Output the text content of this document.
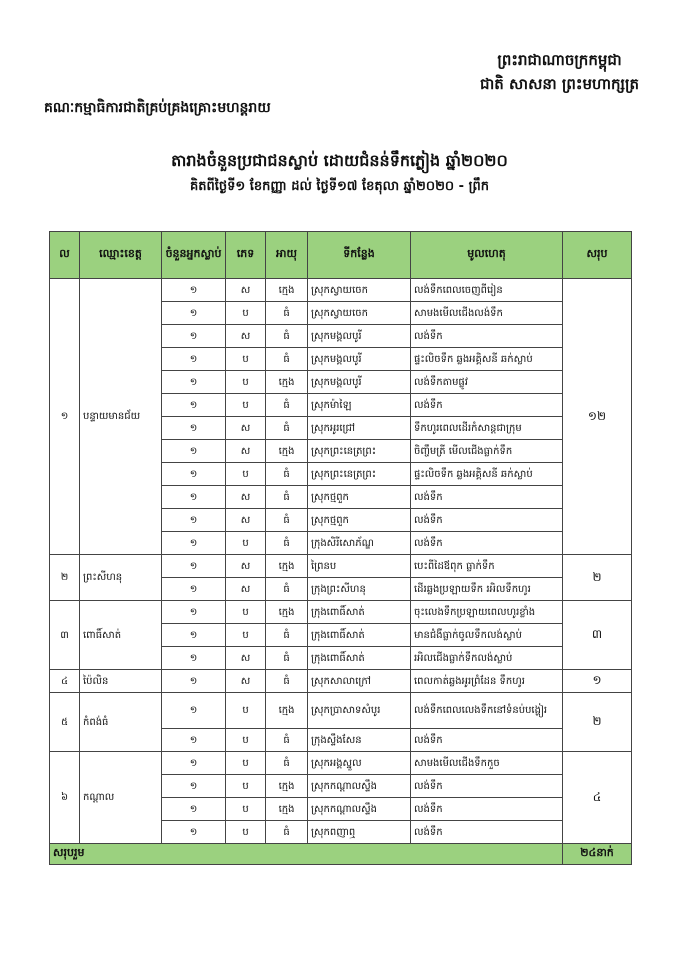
ព្រះរាជាណាចក្រកម្ពុជា
ជាតិ សាសនា ព្រះមហាក្សត្រ
គណៈកម្មាធិការជាតិគ្រប់គ្រងគ្រោះមហន្តរាយ
តារាងចំនួនប្រជាជនស្លាប់ ដោយជំនន់ទឹកភ្លៀង ឆ្នាំ២០២០
គិតពីថ្ងៃទី១ ខែកញ្ញា ដល់ ថ្ងៃទី១៧ ខែតុលា ឆ្នាំ២០២០ - ព្រឹក
ល	ឈ្មោះខេត្ត	ចំនួនអ្នកស្លាប់	ភេទ	អាយុ	ទីកន្លែង	មូលហេតុ	សរុប
១	បន្ទាយមានជ័យ	១	ស	ក្មេង	ស្រុកស្វាយចេក	លង់ទឹកពេលចេញពីរៀន	១២
		១	ប	ធំ	ស្រុកស្វាយចេក	សាមងមើលជើងលង់ទឹក	
		១	ស	ធំ	ស្រុកមង្គលបូរី	លង់ទឹក	
		១	ប	ធំ	ស្រុកមង្គលបូរី	ផ្ទះលិចទឹក ឆ្លងអគ្គិសនី ឆក់ស្លាប់	
		១	ប	ក្មេង	ស្រុកមង្គលបូរី	លង់ទឹកតាមផ្លូវ	
		១	ប	ធំ	ស្រុកម៉ាឡៃ	លង់ទឹក	
		១	ស	ធំ	ស្រុកអូរជ្រៅ	ទឹកហូរពេលដើរកំសាន្តជាក្រុម	
		១	ស	ក្មេង	ស្រុកព្រះនេត្រព្រះ	ចិញ្ចឹមត្រី មើលជើងធ្លាក់ទឹក	
		១	ប	ធំ	ស្រុកព្រះនេត្រព្រះ	ផ្ទះលិចទឹក ឆ្លងអគ្គិសនី ឆក់ស្លាប់	
		១	ស	ធំ	ស្រុកថ្មពួក	លង់ទឹក	
		១	ស	ធំ	ស្រុកថ្មពួក	លង់ទឹក	
		១	ប	ធំ	ក្រុងសិរីសោភ័ណ្ឌ	លង់ទឹក	
២	ព្រះសីហនុ	១	ស	ក្មេង	ព្រៃនប	បេះពីដៃឪពុក ធ្លាក់ទឹក	២
		១	ស	ធំ	ក្រុងព្រះសីហនុ	ដើរឆ្លងប្រឡាយទឹក រអិលទឹកហូរ	
៣	ពោធិ៍សាត់	១	ប	ក្មេង	ក្រុងពោធិ៍សាត់	ចុះលេងទឹកប្រឡាយពេលហូរខ្លាំង	៣
		១	ប	ធំ	ក្រុងពោធិ៍សាត់	មានជំងឺធ្លាក់ចូលទឹកលង់ស្លាប់	
		១	ស	ធំ	ក្រុងពោធិ៍សាត់	រអិលជើងធ្លាក់ទឹកលង់ស្លាប់	
៤	ប៉ៃលិន	១	ស	ធំ	ស្រុកសាលាក្រៅ	ពេលកាត់ឆ្លងអូរព្រំដែន ទឹកហូរ	១
៥	កំពង់ធំ	១	ប	ក្មេង	ស្រុកប្រាសាទសំបូរ	លង់ទឹកពេលលេងទឹកនៅទំនប់បង្ហៀរ	២
		១	ប	ធំ	ក្រុងស្ទឹងសែន	លង់ទឹក	
៦	កណ្តាល	១	ប	ធំ	ស្រុកអង្គស្នួល	សាមងមើលជើងទឹកកួច	៤
		១	ប	ក្មេង	ស្រុកកណ្តាលស្ទឹង	លង់ទឹក	
		១	ប	ក្មេង	ស្រុកកណ្តាលស្ទឹង	លង់ទឹក	
		១	ប	ធំ	ស្រុកពញាឮ	លង់ទឹក	
សរុបរួម							២៤នាក់
